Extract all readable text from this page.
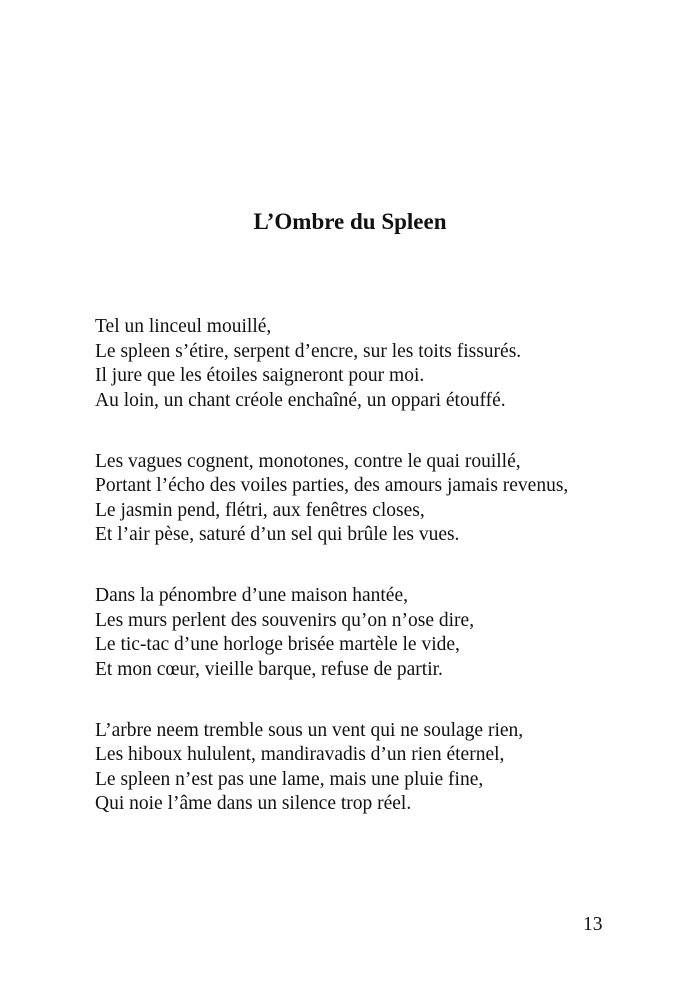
L’Ombre du Spleen
Tel un linceul mouillé,
Le spleen s’étire, serpent d’encre, sur les toits fissurés.
Il jure que les étoiles saigneront pour moi.
Au loin, un chant créole enchaîné, un oppari étouffé.
Les vagues cognent, monotones, contre le quai rouillé,
Portant l’écho des voiles parties, des amours jamais revenus,
Le jasmin pend, flétri, aux fenêtres closes,
Et l’air pèse, saturé d’un sel qui brûle les vues.
Dans la pénombre d’une maison hantée,
Les murs perlent des souvenirs qu’on n’ose dire,
Le tic-tac d’une horloge brisée martèle le vide,
Et mon cœur, vieille barque, refuse de partir.
L’arbre neem tremble sous un vent qui ne soulage rien,
Les hiboux hululent, mandiravadis d’un rien éternel,
Le spleen n’est pas une lame, mais une pluie fine,
Qui noie l’âme dans un silence trop réel.
13
